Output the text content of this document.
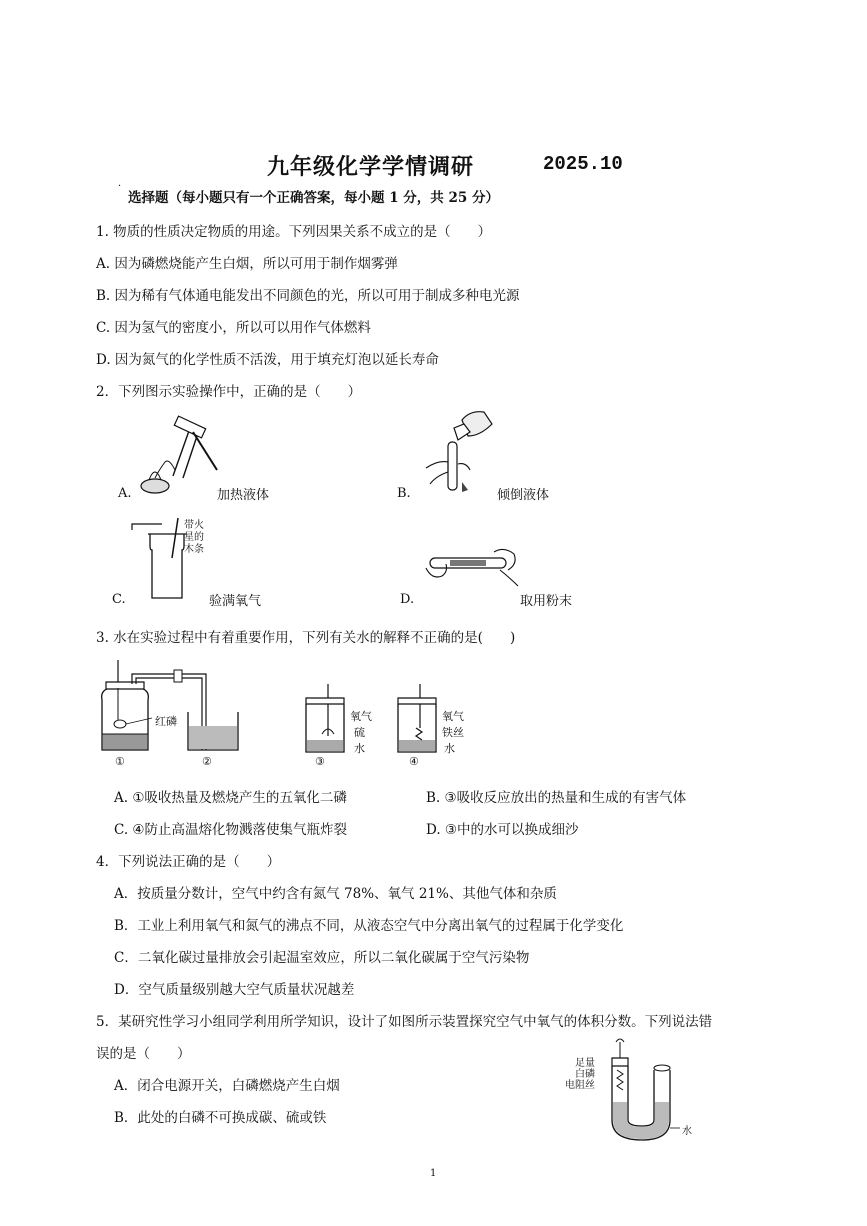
九年级化学学情调研	2025.10
·
选择题（每小题只有一个正确答案，每小题 1 分，共 25 分）
1. 物质的性质决定物质的用途。下列因果关系不成立的是（　　）
A. 因为磷燃烧能产生白烟，所以可用于制作烟雾弹
B. 因为稀有气体通电能发出不同颜色的光，所以可用于制成多种电光源
C. 因为氢气的密度小，所以可以用作气体燃料
D. 因为氮气的化学性质不活泼，用于填充灯泡以延长寿命
2．下列图示实验操作中，正确的是（　　）
A.	加热液体	B.	倾倒液体
带火
星的
木条
C.	验满氧气	D.	取用粉末
3. 水在实验过程中有着重要作用，下列有关水的解释不正确的是(　　)
红磷
①	②
氧气
硫
水
③
氧气
铁丝
水
④
A. ①吸收热量及燃烧产生的五氧化二磷	B. ③吸收反应放出的热量和生成的有害气体
C. ④防止高温熔化物溅落使集气瓶炸裂	D. ③中的水可以换成细沙
4．下列说法正确的是（　　）
A．按质量分数计，空气中约含有氮气 78%、氧气 21%、其他气体和杂质
B．工业上利用氧气和氮气的沸点不同，从液态空气中分离出氧气的过程属于化学变化
C．二氧化碳过量排放会引起温室效应，所以二氧化碳属于空气污染物
D．空气质量级别越大空气质量状况越差
5．某研究性学习小组同学利用所学知识，设计了如图所示装置探究空气中氧气的体积分数。下列说法错
误的是（　　）
A．闭合电源开关，白磷燃烧产生白烟
B．此处的白磷不可换成碳、硫或铁
足量
白磷
电阻丝
水
1
